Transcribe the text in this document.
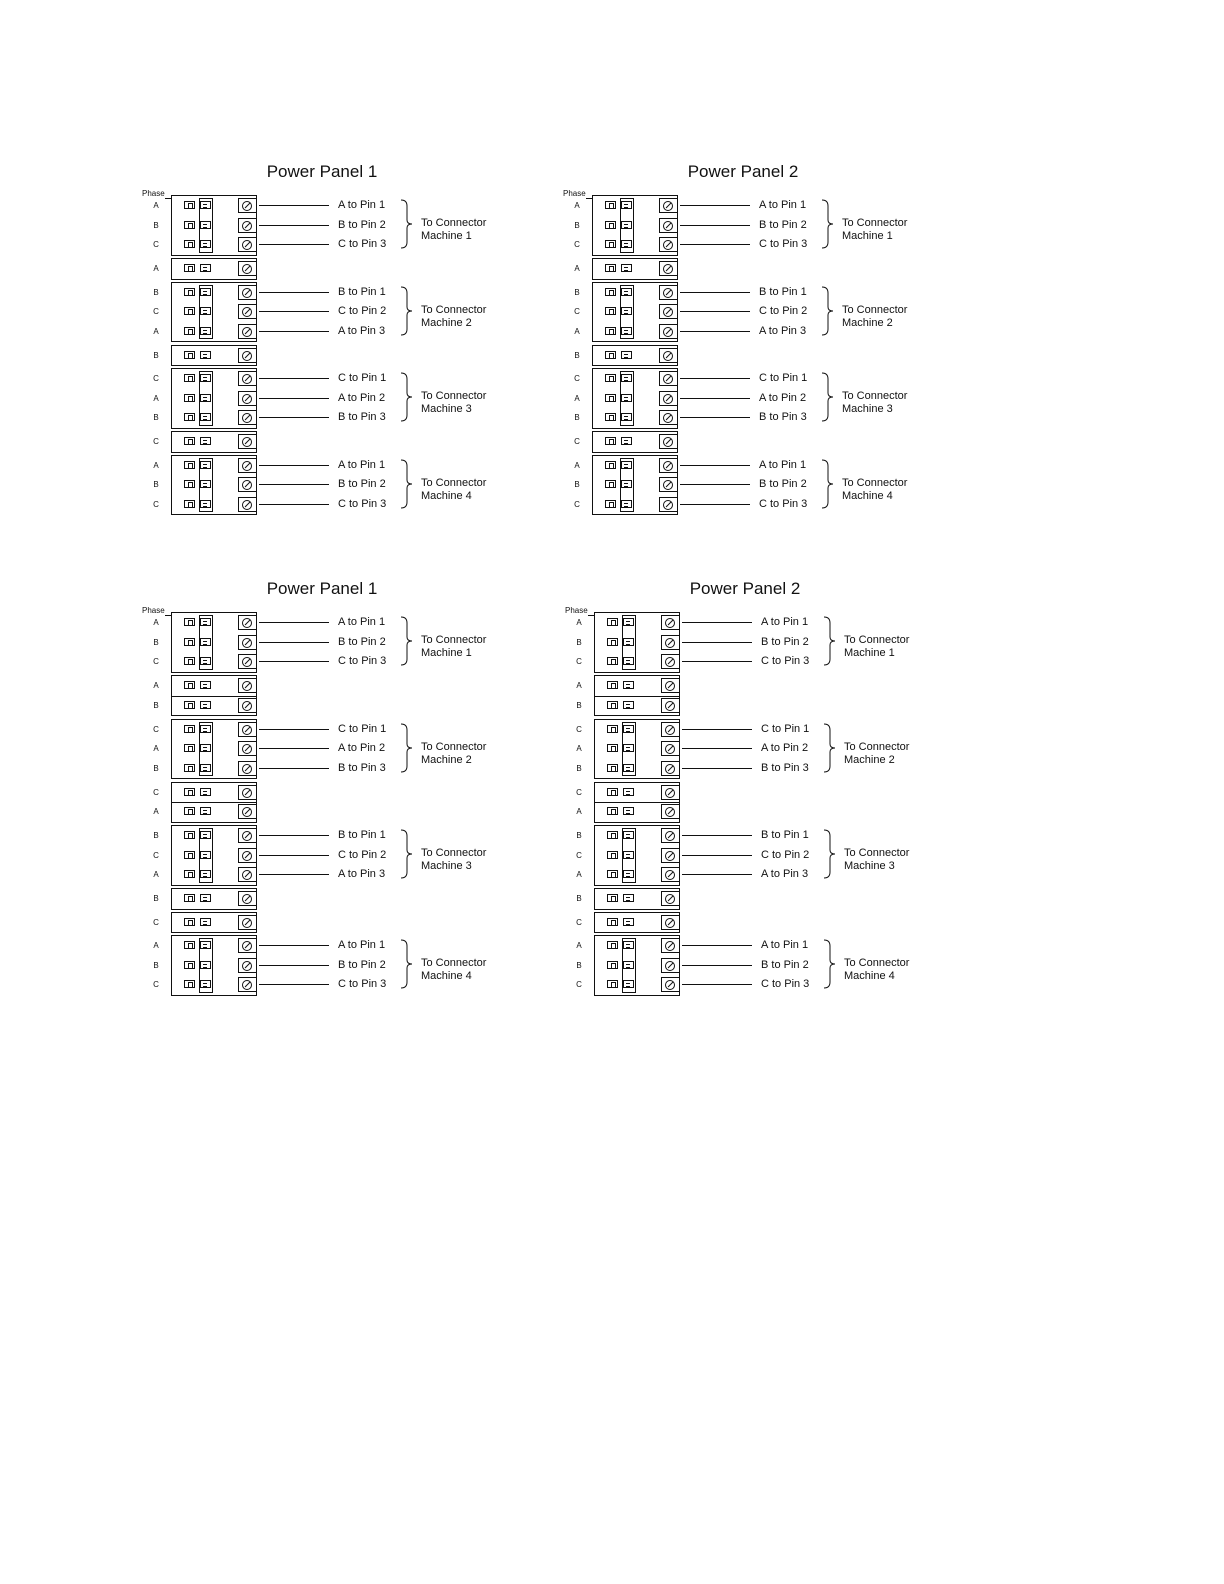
Power Panel 1
Phase
A	A to Pin 1
B	B to Pin 2
C	C to Pin 3
To Connector
Machine 1
A
B	B to Pin 1
C	C to Pin 2
A	A to Pin 3
To Connector
Machine 2
B
C	C to Pin 1
A	A to Pin 2
B	B to Pin 3
To Connector
Machine 3
C
A	A to Pin 1
B	B to Pin 2
C	C to Pin 3
To Connector
Machine 4
Power Panel 2
Phase
A	A to Pin 1
B	B to Pin 2
C	C to Pin 3
To Connector
Machine 1
A
B	B to Pin 1
C	C to Pin 2
A	A to Pin 3
To Connector
Machine 2
B
C	C to Pin 1
A	A to Pin 2
B	B to Pin 3
To Connector
Machine 3
C
A	A to Pin 1
B	B to Pin 2
C	C to Pin 3
To Connector
Machine 4
Power Panel 1
Phase
A	A to Pin 1
B	B to Pin 2
C	C to Pin 3
To Connector
Machine 1
A
B
C	C to Pin 1
A	A to Pin 2
B	B to Pin 3
To Connector
Machine 2
C
A
B	B to Pin 1
C	C to Pin 2
A	A to Pin 3
To Connector
Machine 3
B
C
A	A to Pin 1
B	B to Pin 2
C	C to Pin 3
To Connector
Machine 4
Power Panel 2
Phase
A	A to Pin 1
B	B to Pin 2
C	C to Pin 3
To Connector
Machine 1
A
B
C	C to Pin 1
A	A to Pin 2
B	B to Pin 3
To Connector
Machine 2
C
A
B	B to Pin 1
C	C to Pin 2
A	A to Pin 3
To Connector
Machine 3
B
C
A	A to Pin 1
B	B to Pin 2
C	C to Pin 3
To Connector
Machine 4
